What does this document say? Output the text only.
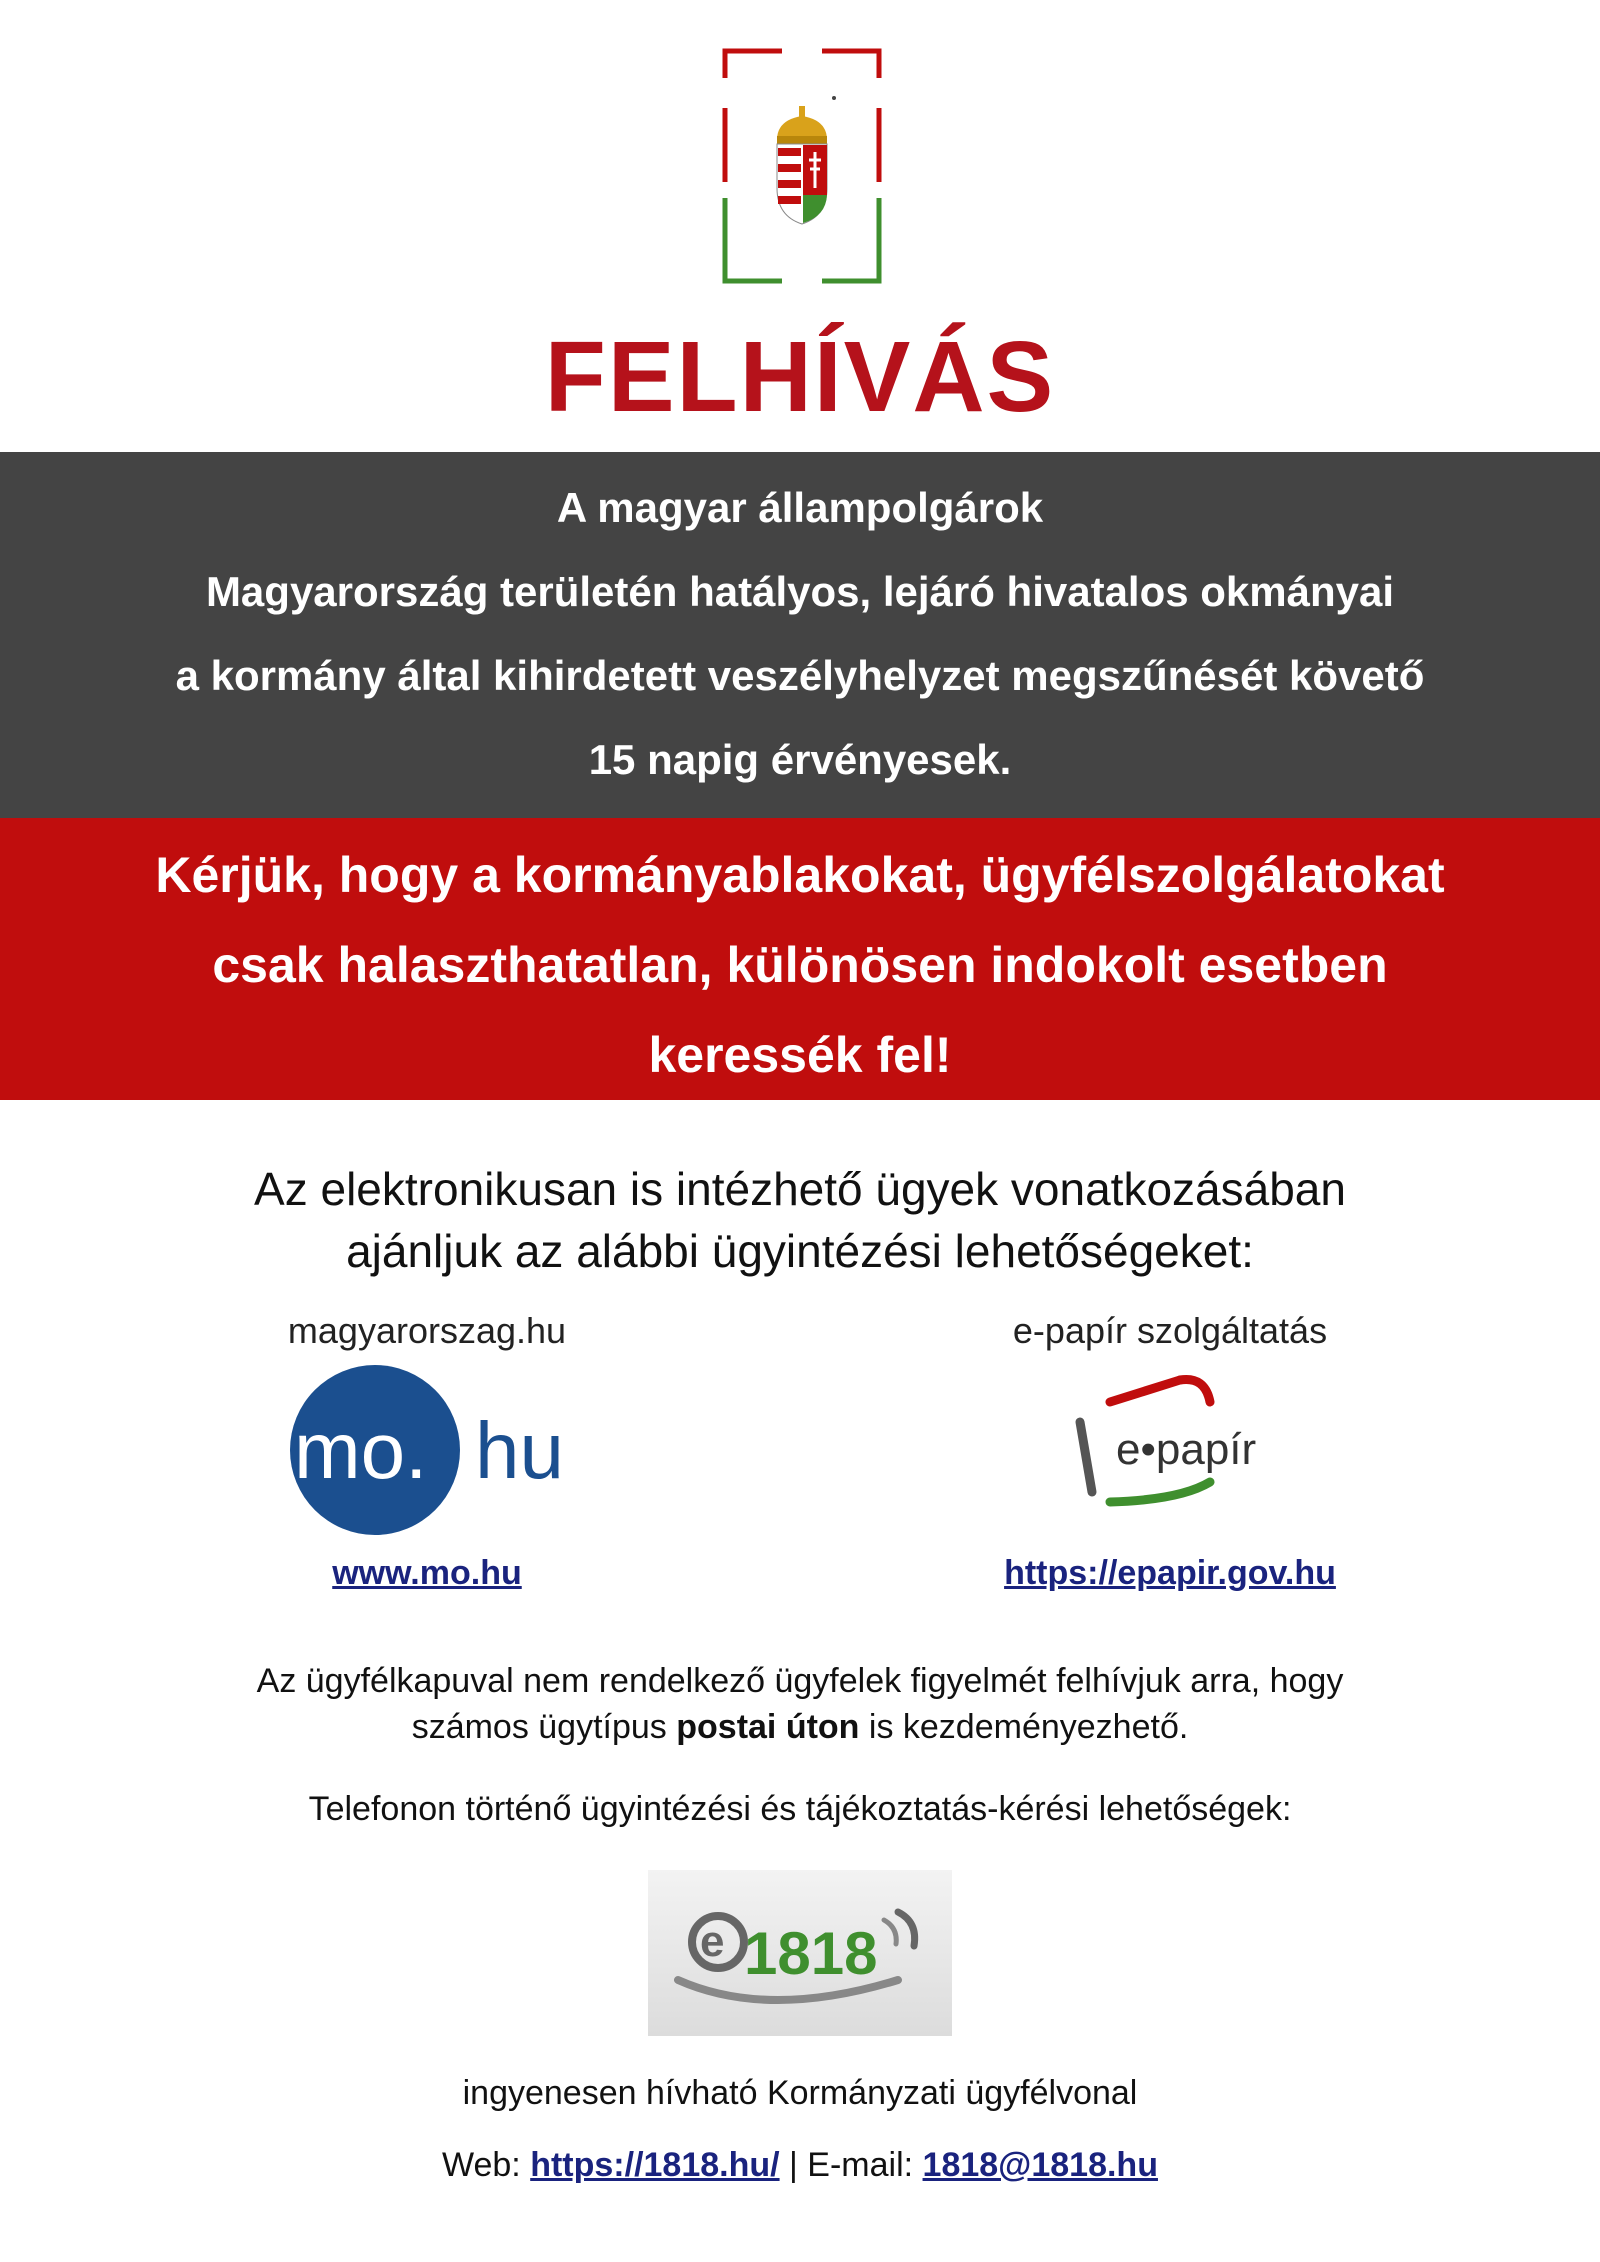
FELHÍVÁS
A magyar állampolgárok
Magyarország területén hatályos, lejáró hivatalos okmányai
a kormány által kihirdetett veszélyhelyzet megszűnését követő
15 napig érvényesek.
Kérjük, hogy a kormányablakokat, ügyfélszolgálatokat
csak halaszthatatlan, különösen indokolt esetben
keressék fel!
Az elektronikusan is intézhető ügyek vonatkozásában
ajánljuk az alábbi ügyintézési lehetőségeket:
magyarorszag.hu
mo. hu
www.mo.hu
e-papír szolgáltatás
e•papír
https://epapir.gov.hu
Az ügyfélkapuval nem rendelkező ügyfelek figyelmét felhívjuk arra, hogy
számos ügytípus postai úton is kezdeményezhető.
Telefonon történő ügyintézési és tájékoztatás-kérési lehetőségek:
e 1818
ingyenesen hívható Kormányzati ügyfélvonal
Web: https://1818.hu/ | E-mail: 1818@1818.hu
